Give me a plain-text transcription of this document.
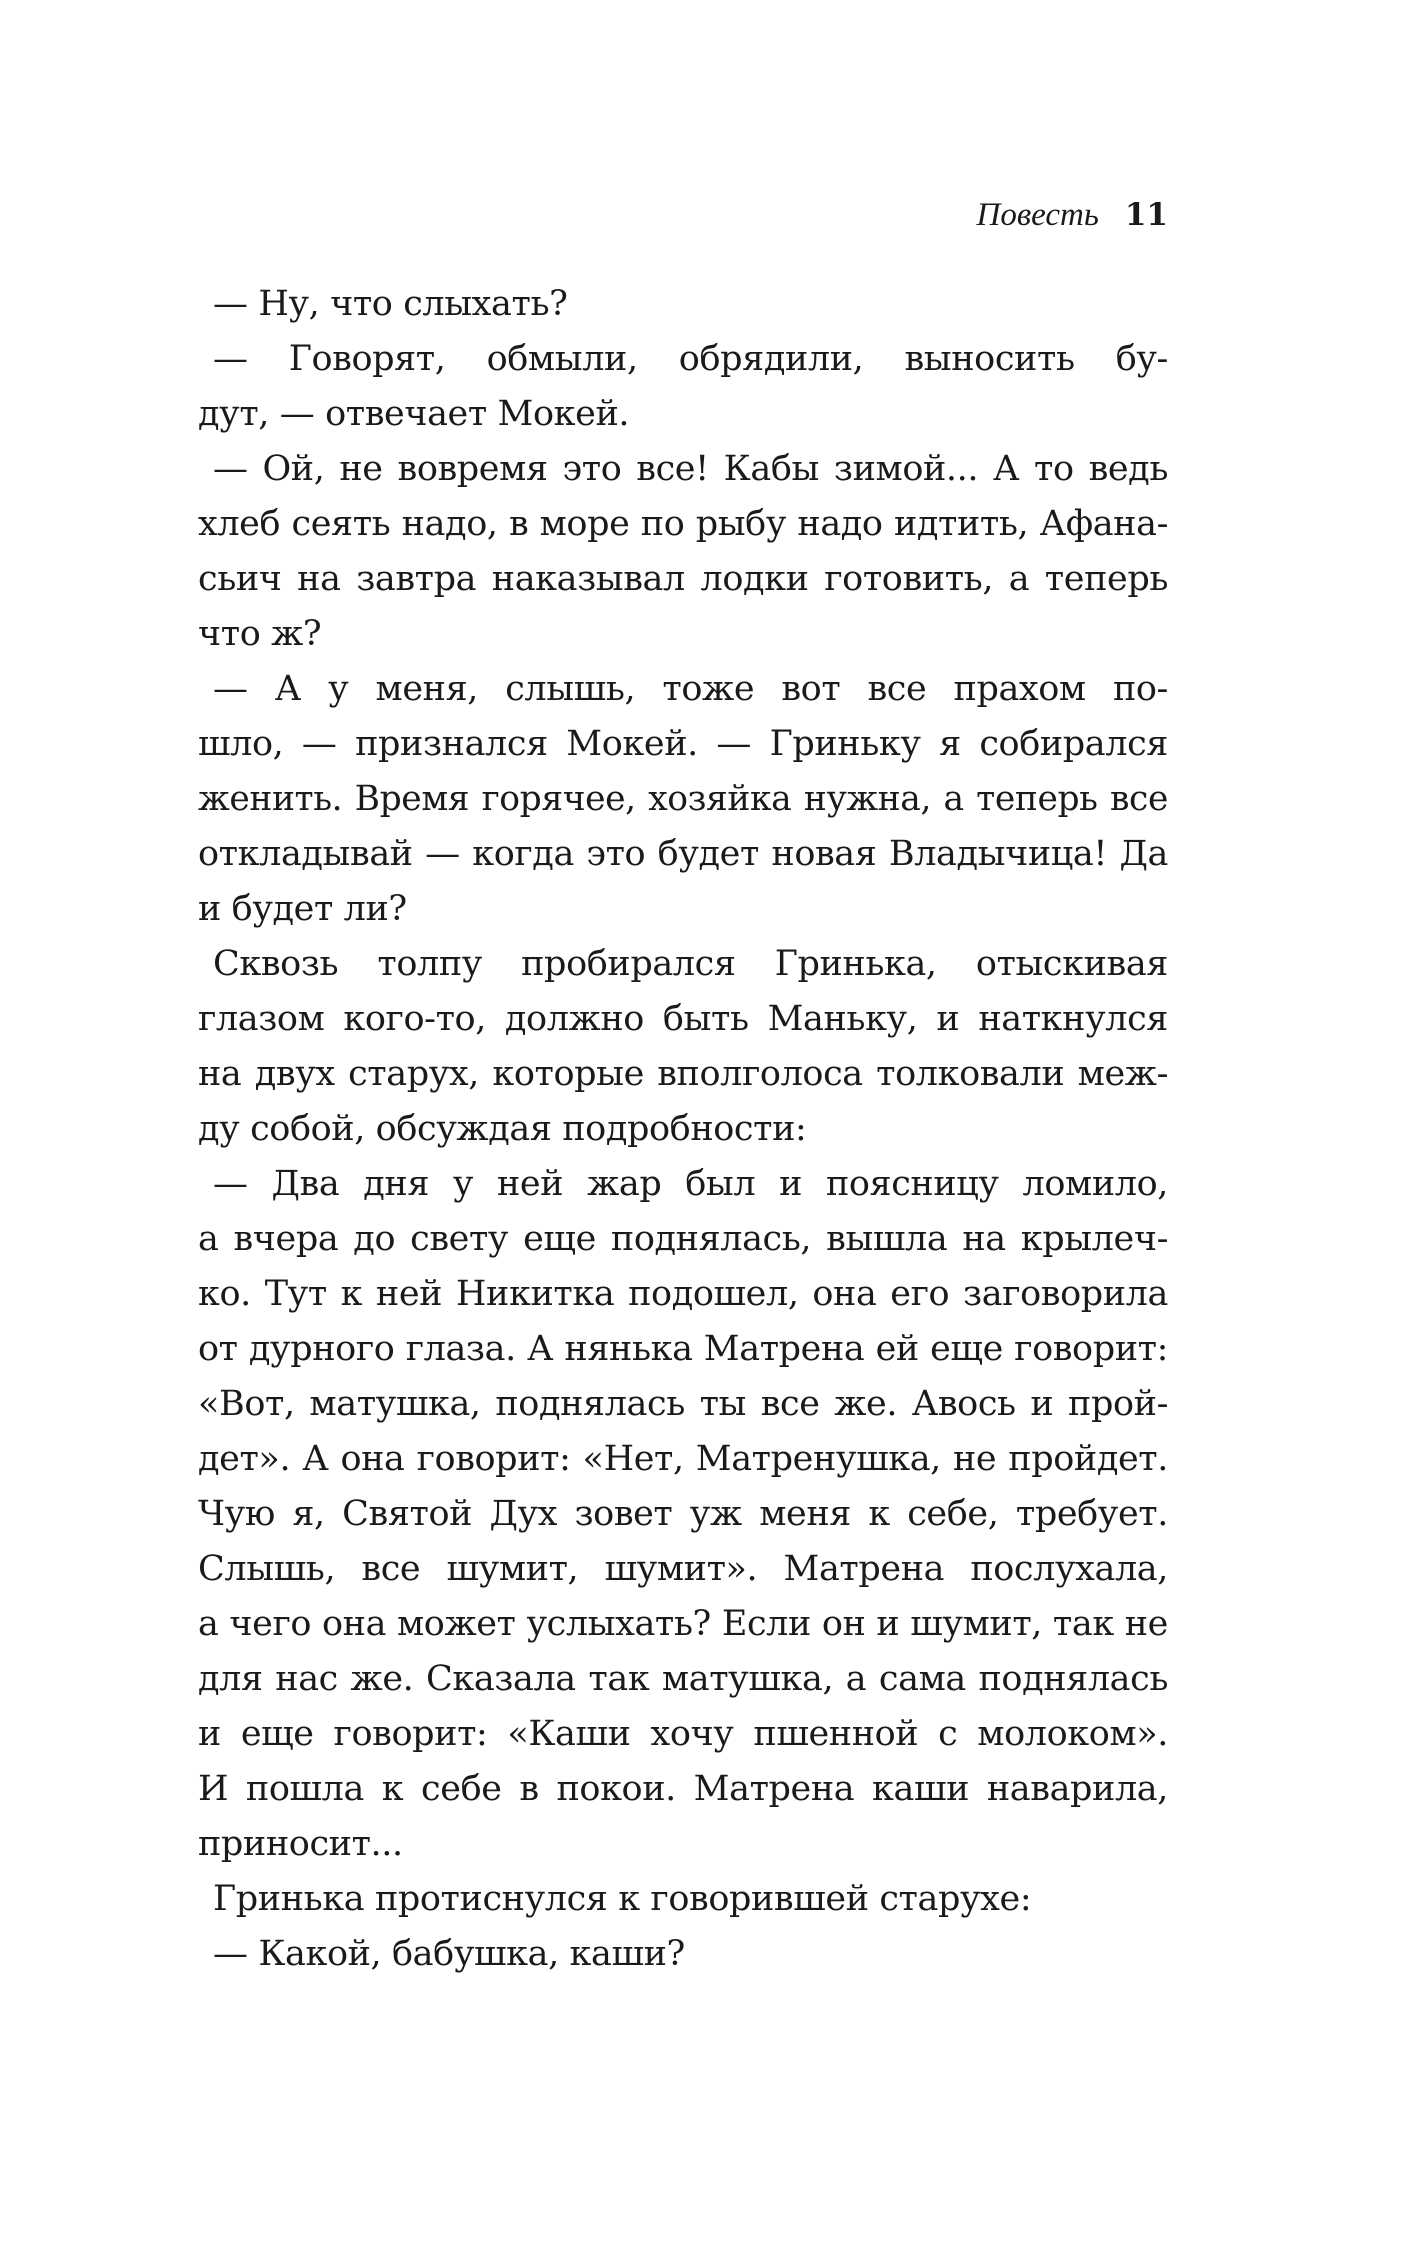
Повесть 11
— Ну, что слыхать?
— Говорят, обмыли, обрядили, выносить бу-
дут, — отвечает Мокей.
— Ой, не вовремя это все! Кабы зимой... А то ведь
хлеб сеять надо, в море по рыбу надо идтить, Афана-
сьич на завтра наказывал лодки готовить, а теперь
что ж?
— А у меня, слышь, тоже вот все прахом по-
шло, — признался Мокей. — Гриньку я собирался
женить. Время горячее, хозяйка нужна, а теперь все
откладывай — когда это будет новая Владычица! Да
и будет ли?
Сквозь толпу пробирался Гринька, отыскивая
глазом кого-то, должно быть Маньку, и наткнулся
на двух старух, которые вполголоса толковали меж-
ду собой, обсуждая подробности:
— Два дня у ней жар был и поясницу ломило,
а вчера до свету еще поднялась, вышла на крылеч-
ко. Тут к ней Никитка подошел, она его заговорила
от дурного глаза. А нянька Матрена ей еще говорит:
«Вот, матушка, поднялась ты все же. Авось и прой-
дет». А она говорит: «Нет, Матренушка, не пройдет.
Чую я, Святой Дух зовет уж меня к себе, требует.
Слышь, все шумит, шумит». Матрена послухала,
а чего она может услыхать? Если он и шумит, так не
для нас же. Сказала так матушка, а сама поднялась
и еще говорит: «Каши хочу пшенной с молоком».
И пошла к себе в покои. Матрена каши наварила,
приносит...
Гринька протиснулся к говорившей старухе:
— Какой, бабушка, каши?
